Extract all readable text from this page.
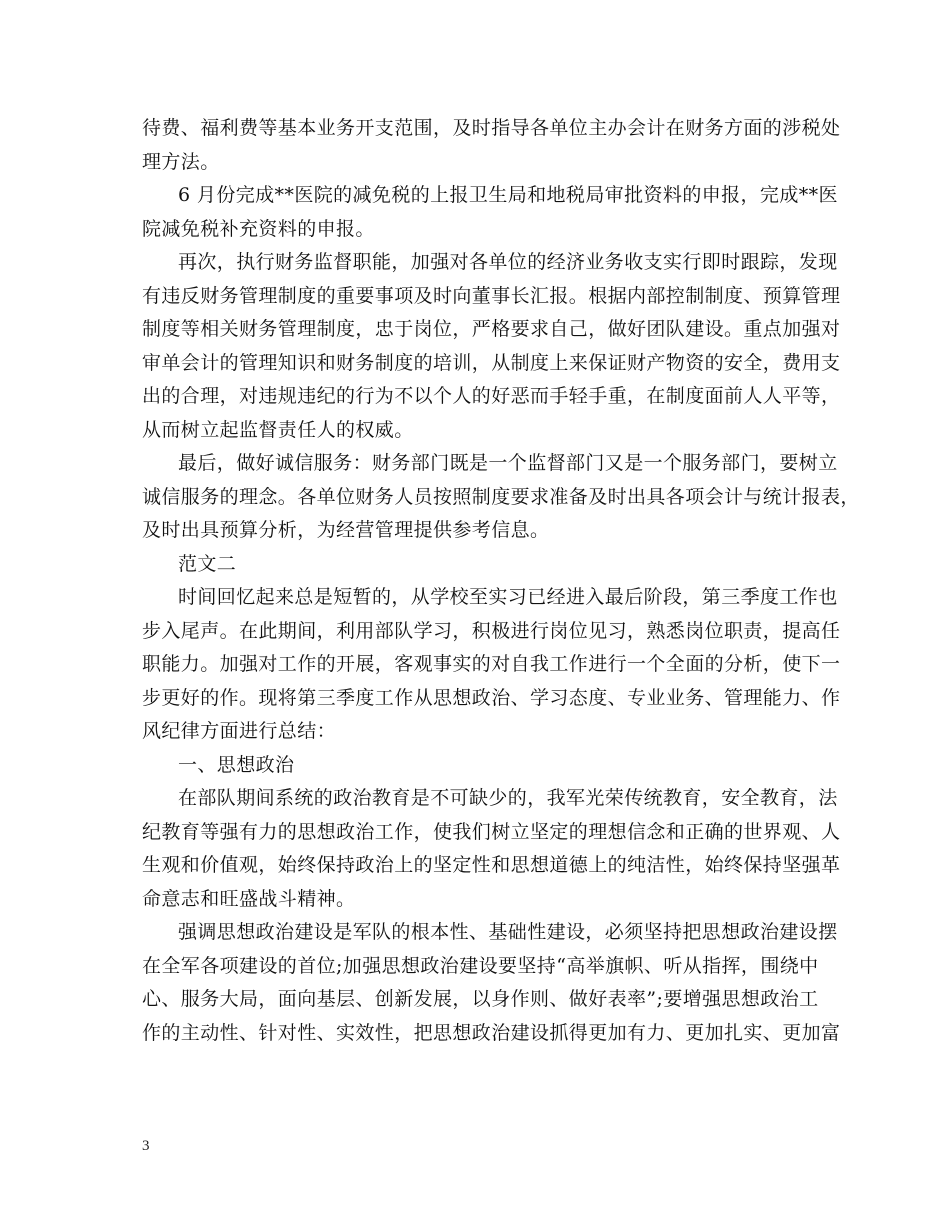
待费、福利费等基本业务开支范围，及时指导各单位主办会计在财务方面的涉税处
理方法。
6 月份完成**医院的减免税的上报卫生局和地税局审批资料的申报，完成**医
院减免税补充资料的申报。
再次，执行财务监督职能，加强对各单位的经济业务收支实行即时跟踪，发现
有违反财务管理制度的重要事项及时向董事长汇报。根据内部控制制度、预算管理
制度等相关财务管理制度，忠于岗位，严格要求自己，做好团队建设。重点加强对
审单会计的管理知识和财务制度的培训，从制度上来保证财产物资的安全，费用支
出的合理，对违规违纪的行为不以个人的好恶而手轻手重，在制度面前人人平等，
从而树立起监督责任人的权威。
最后，做好诚信服务：财务部门既是一个监督部门又是一个服务部门，要树立
诚信服务的理念。各单位财务人员按照制度要求准备及时出具各项会计与统计报表，
及时出具预算分析，为经营管理提供参考信息。
范文二
时间回忆起来总是短暂的，从学校至实习已经进入最后阶段，第三季度工作也
步入尾声。在此期间，利用部队学习，积极进行岗位见习，熟悉岗位职责，提高任
职能力。加强对工作的开展，客观事实的对自我工作进行一个全面的分析，使下一
步更好的作。现将第三季度工作从思想政治、学习态度、专业业务、管理能力、作
风纪律方面进行总结：
一、思想政治
在部队期间系统的政治教育是不可缺少的，我军光荣传统教育，安全教育，法
纪教育等强有力的思想政治工作，使我们树立坚定的理想信念和正确的世界观、人
生观和价值观，始终保持政治上的坚定性和思想道德上的纯洁性，始终保持坚强革
命意志和旺盛战斗精神。
强调思想政治建设是军队的根本性、基础性建设，必须坚持把思想政治建设摆
在全军各项建设的首位;加强思想政治建设要坚持“高举旗帜、听从指挥，围绕中
心、服务大局，面向基层、创新发展，以身作则、做好表率”;要增强思想政治工
作的主动性、针对性、实效性，把思想政治建设抓得更加有力、更加扎实、更加富
3
